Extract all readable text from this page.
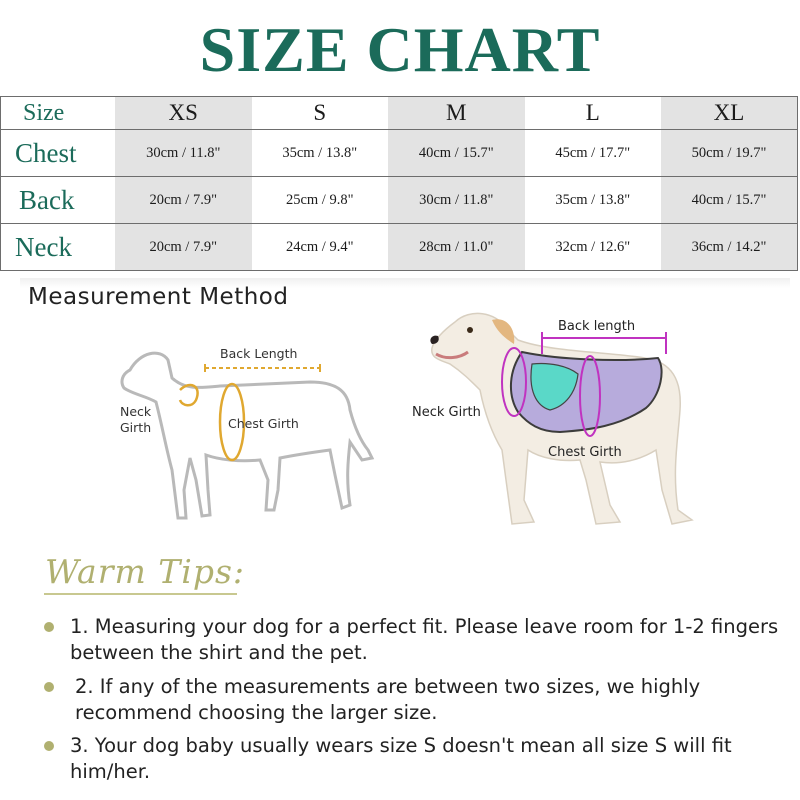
SIZE CHART
Size	XS	S	M	L	XL
Chest	30cm / 11.8"	35cm / 13.8"	40cm / 15.7"	45cm / 17.7"	50cm / 19.7"
Back	20cm / 7.9"	25cm / 9.8"	30cm / 11.8"	35cm / 13.8"	40cm / 15.7"
Neck	20cm / 7.9"	24cm / 9.4"	28cm / 11.0"	32cm / 12.6"	36cm / 14.2"
Measurement Method
Back Length
Neck
Girth	Chest Girth
Back length
Neck Girth
Chest Girth
Warm Tips:
1. Measuring your dog for a perfect fit. Please leave room for 1-2 fingers between the shirt and the pet.
2. If any of the measurements are between two sizes, we highly recommend choosing the larger size.
3. Your dog baby usually wears size S doesn't mean all size S will fit him/her.
